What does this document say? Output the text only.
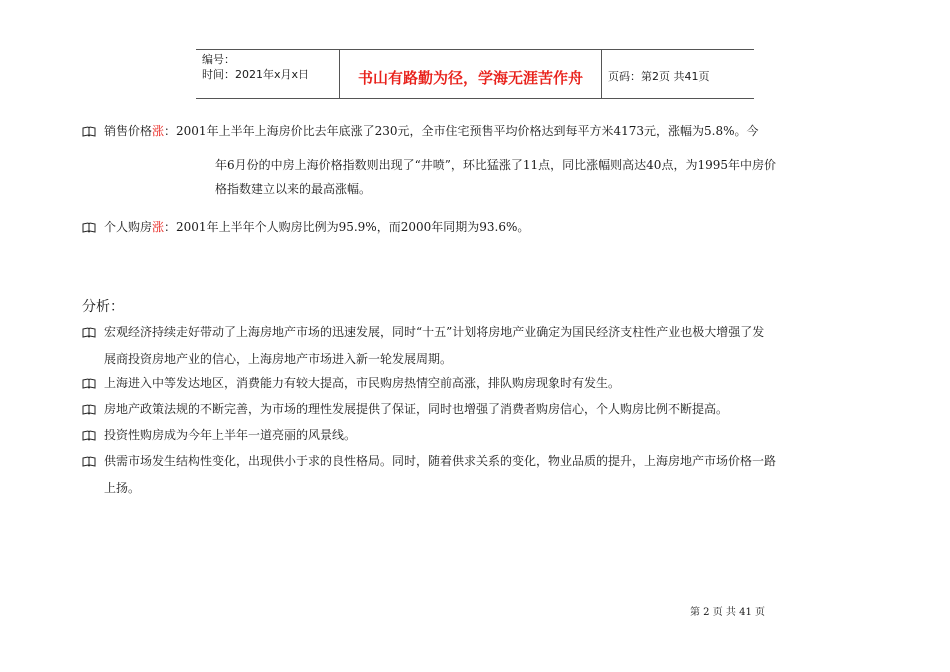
编号：
时间：2021年x月x日	书山有路勤为径，学海无涯苦作舟	页码：第2页 共41页
销售价格涨：2001年上半年上海房价比去年底涨了230元，全市住宅预售平均价格达到每平方米4173元，涨幅为5.8%。今
年6月份的中房上海价格指数则出现了“井喷”，环比猛涨了11点，同比涨幅则高达40点，为1995年中房价
格指数建立以来的最高涨幅。
个人购房涨：2001年上半年个人购房比例为95.9%，而2000年同期为93.6%。
分析：
宏观经济持续走好带动了上海房地产市场的迅速发展，同时“十五”计划将房地产业确定为国民经济支柱性产业也极大增强了发
展商投资房地产业的信心，上海房地产市场进入新一轮发展周期。
上海进入中等发达地区，消费能力有较大提高，市民购房热情空前高涨，排队购房现象时有发生。
房地产政策法规的不断完善，为市场的理性发展提供了保证，同时也增强了消费者购房信心，个人购房比例不断提高。
投资性购房成为今年上半年一道亮丽的风景线。
供需市场发生结构性变化，出现供小于求的良性格局。同时，随着供求关系的变化，物业品质的提升，上海房地产市场价格一路
上扬。
第 2 页 共 41 页
